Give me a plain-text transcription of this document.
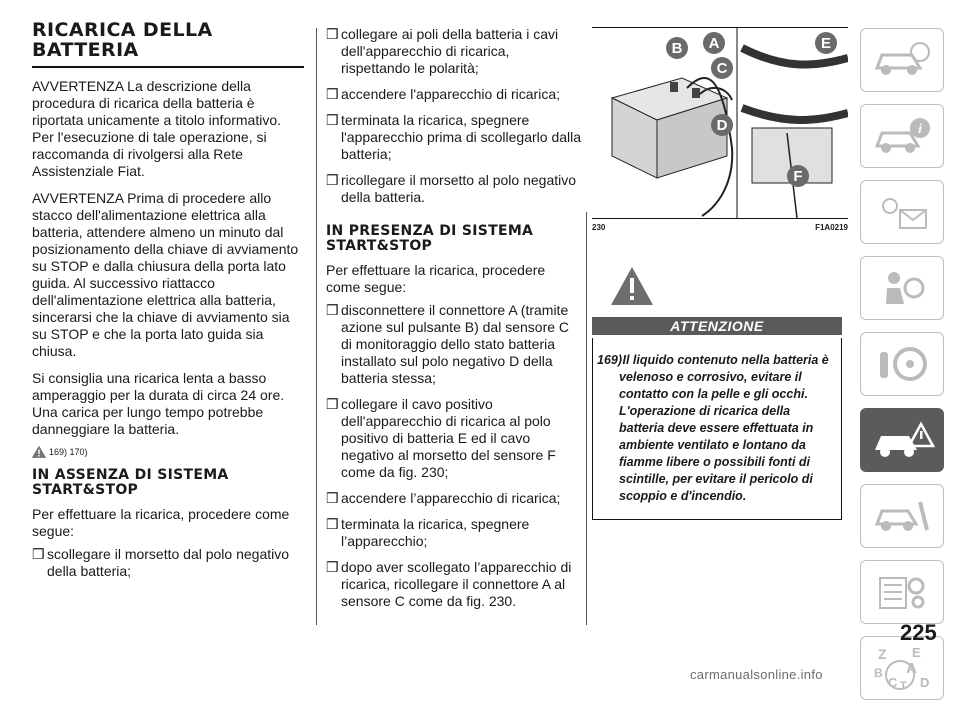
RICARICA DELLA BATTERIA

AVVERTENZA La descrizione della procedura di ricarica della batteria è riportata unicamente a titolo informativo. Per l'esecuzione di tale operazione, si raccomanda di rivolgersi alla Rete Assistenziale Fiat.

AVVERTENZA Prima di procedere allo stacco dell'alimentazione elettrica alla batteria, attendere almeno un minuto dal posizionamento della chiave di avviamento su STOP e dalla chiusura della porta lato guida. Al successivo riattacco dell'alimentazione elettrica alla batteria, sincerarsi che la chiave di avviamento sia su STOP e che la porta lato guida sia chiusa.

Si consiglia una ricarica lenta a basso amperaggio per la durata di circa 24 ore. Una carica per lungo tempo potrebbe danneggiare la batteria.

169) 170)
IN ASSENZA DI SISTEMA START&STOP

Per effettuare la ricarica, procedere come segue:

❒ scollegare il morsetto dal polo negativo della batteria;
❒ collegare ai poli della batteria i cavi dell'apparecchio di ricarica, rispettando le polarità;
❒ accendere l'apparecchio di ricarica;
❒ terminata la ricarica, spegnere l'apparecchio prima di scollegarlo dalla batteria;
❒ ricollegare il morsetto al polo negativo della batteria.
IN PRESENZA DI SISTEMA START&STOP

Per effettuare la ricarica, procedere come segue:

❒ disconnettere il connettore A (tramite azione sul pulsante B) dal sensore C di monitoraggio dello stato batteria installato sul polo negativo D della batteria stessa;
❒ collegare il cavo positivo dell'apparecchio di ricarica al polo positivo di batteria E ed il cavo negativo al morsetto del sensore F come da fig. 230;
❒ accendere l’apparecchio di ricarica;
❒ terminata la ricarica, spegnere l’apparecchio;
❒ dopo aver scollegato l’apparecchio di ricarica, ricollegare il connettore A al sensore C come da fig. 230.
B A	E
C
D
F
230	F1A0219
ATTENZIONE
169) Il liquido contenuto nella batteria è velenoso e corrosivo, evitare il contatto con la pelle e gli occhi. L'operazione di ricarica della batteria deve essere effettuata in ambiente ventilato e lontano da fiamme libere o possibili fonti di scintille, per evitare il pericolo di scoppio e d'incendio.
i
Z E
A
B
C T D
225
carmanualsonline.info
